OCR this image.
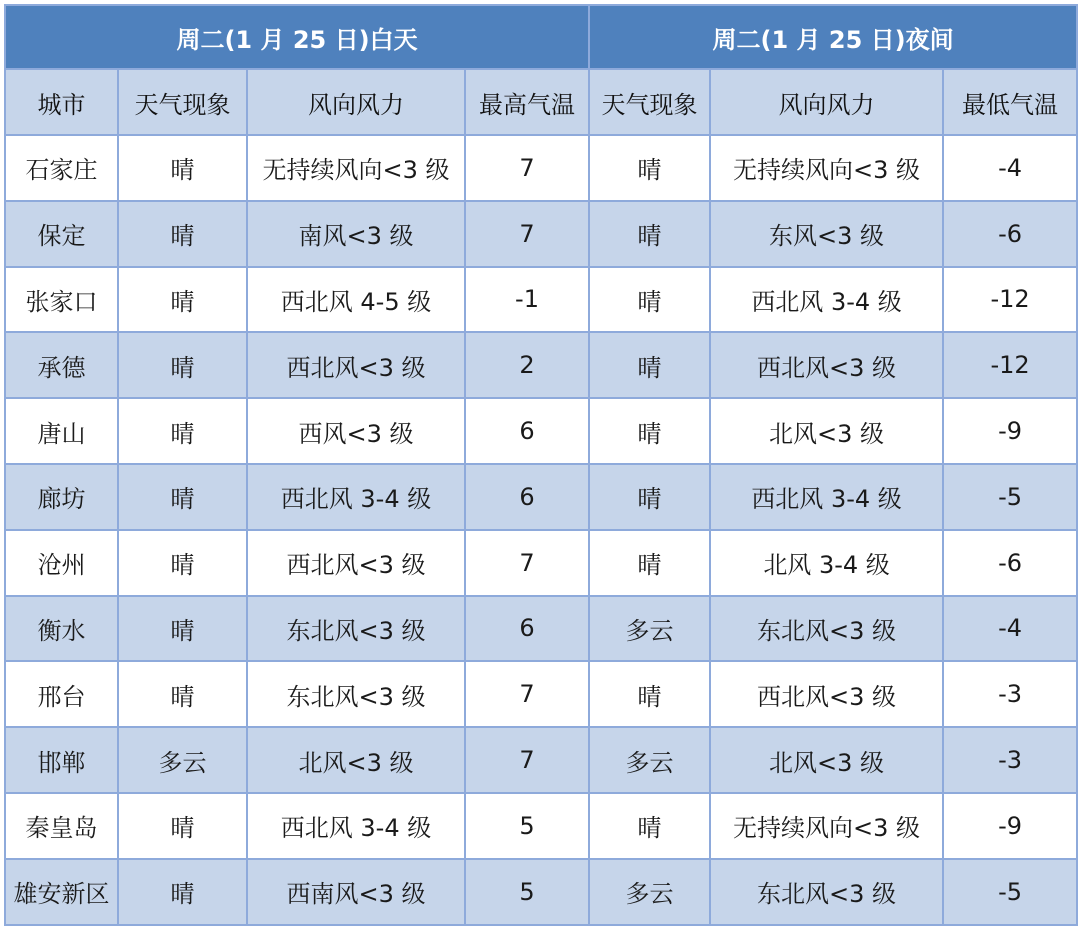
周二(1 月 25 日)白天				周二(1 月 25 日)夜间		
城市	天气现象	风向风力	最高气温	天气现象	风向风力	最低气温
石家庄	晴	无持续风向<3 级	7	晴	无持续风向<3 级	-4
保定	晴	南风<3 级	7	晴	东风<3 级	-6
张家口	晴	西北风 4-5 级	-1	晴	西北风 3-4 级	-12
承德	晴	西北风<3 级	2	晴	西北风<3 级	-12
唐山	晴	西风<3 级	6	晴	北风<3 级	-9
廊坊	晴	西北风 3-4 级	6	晴	西北风 3-4 级	-5
沧州	晴	西北风<3 级	7	晴	北风 3-4 级	-6
衡水	晴	东北风<3 级	6	多云	东北风<3 级	-4
邢台	晴	东北风<3 级	7	晴	西北风<3 级	-3
邯郸	多云	北风<3 级	7	多云	北风<3 级	-3
秦皇岛	晴	西北风 3-4 级	5	晴	无持续风向<3 级	-9
雄安新区	晴	西南风<3 级	5	多云	东北风<3 级	-5
